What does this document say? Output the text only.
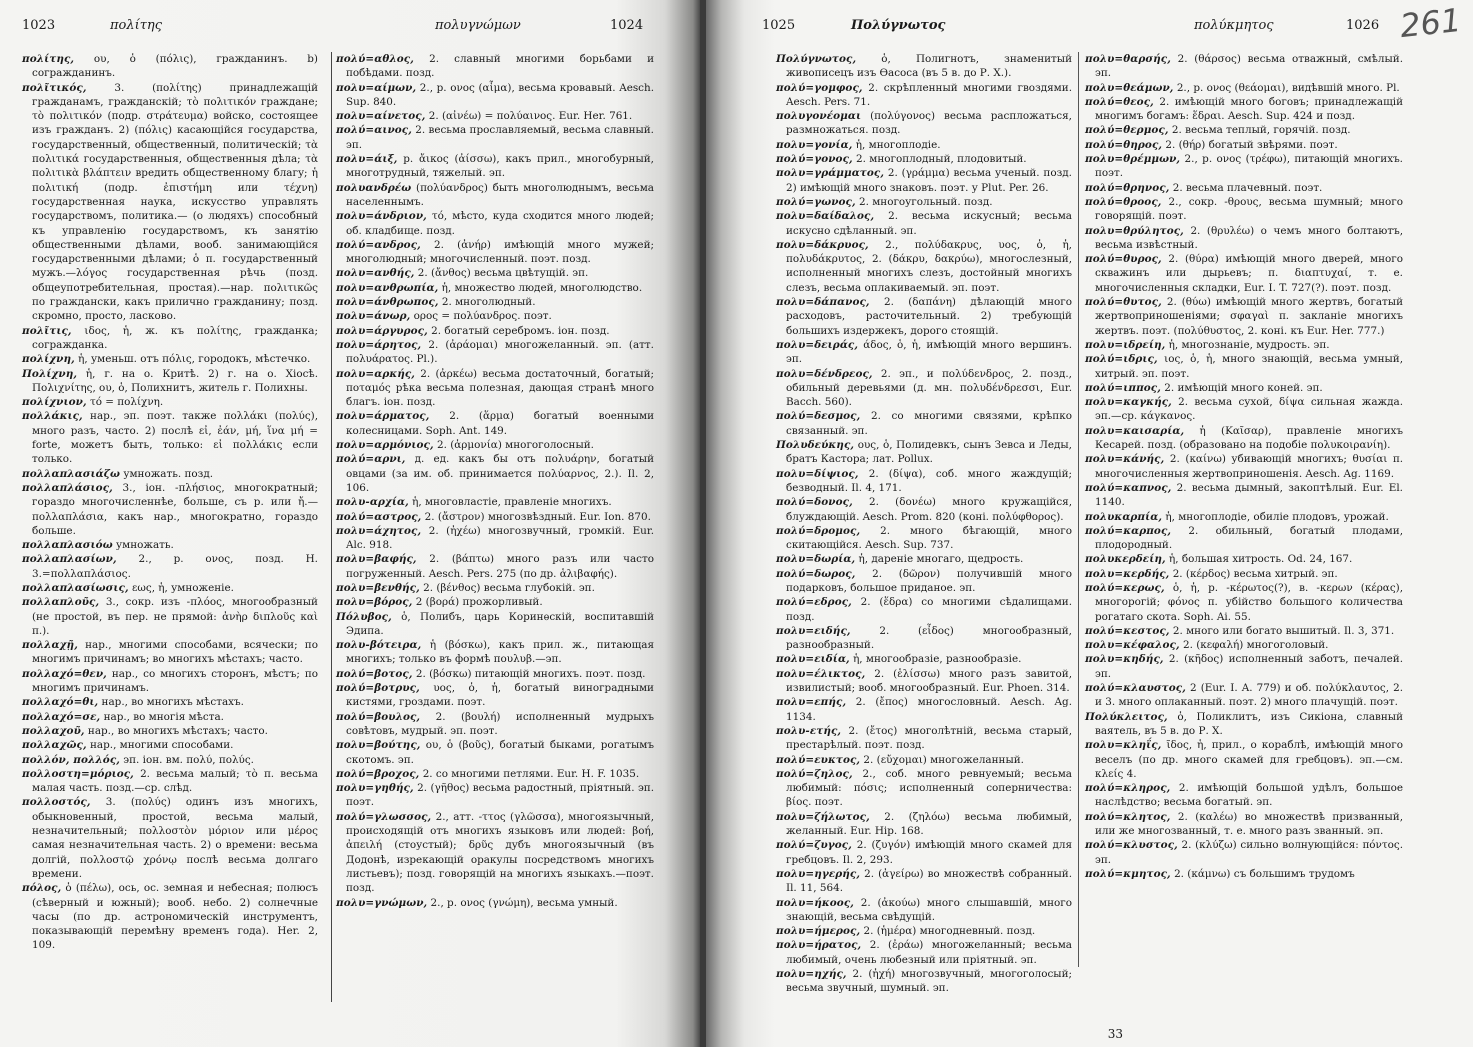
1023	πολίτης	πολυγνώμων	1024

πολίτης, ου, ὁ (πόλις), гражданинъ. b) согражданинъ.

πολῖτικός, 3. (πολίτης) принадлежащій гражданамъ, гражданскій; τὸ πολιτικόν граждане; τὸ πολιτικόν (подр. στράτευμα) войско, состоящее изъ гражданъ. 2) (πόλις) касающійся государства, государственный, общественный, политическій; τὰ πολιτικά государственныя, общественныя дѣла; τὰ πολιτικὰ βλάπτειν вредить общественному благу; ἡ πολιτική (подр. ἐπιστήμη или τέχνη) государственная наука, искусство управлять государствомъ, политика.— (о людяхъ) способный къ управленію государствомъ, къ занятію общественными дѣлами, вооб. занимающійся государственными дѣлами; ὁ π. государственный мужъ.—λόγος государственная рѣчь (позд. общеупотребительная, простая).—нар. πολιτικῶς по граждански, какъ прилично гражданину; позд. скромно, просто, ласково.

πολῖτις, ιδος, ἡ, ж. къ πολίτης, гражданка; согражданка.

πολίχνη, ἡ, уменьш. отъ πόλις, городокъ, мѣстечко.

Πολίχνη, ἡ, г. на о. Критѣ. 2) г. на о. Хіосѣ. Πολιχνίτης, ου, ὁ, Полихнитъ, житель г. Полихны.

πολίχνιον, τό = πολίχνη.

πολλάκις, нар., эп. поэт. также πολλάκι (πολύς), много разъ, часто. 2) послѣ εἰ, ἐάν, μή, ἵνα μή = forte, можетъ быть, только: εἰ πολλάκις если только.

πολλαπλασιάζω умножать. позд.

πολλαπλάσιος, 3., іон. -πλήσιος, многократный; гораздо многочисленнѣе, больше, съ р. или ἤ.—πολλαπλάσια, какъ нар., многократно, гораздо больше.

πολλαπλασιόω умножать.

πολλαπλασίων, 2., р. ονος, позд. H. 3.=πολλαπλάσιος.

πολλαπλασίωσις, εως, ἡ, умноженіе.

πολλαπλοῦς, 3., сокр. изъ -πλόος, многообразный (не простой, въ пер. не прямой: ἀνὴρ διπλοῦς καὶ π.).

πολλαχῇ, нар., многими способами, всячески; по многимъ причинамъ; во многихъ мѣстахъ; часто.

πολλαχό=θεν, нар., со многихъ сторонъ, мѣстъ; по многимъ причинамъ.

πολλαχό=θι, нар., во многихъ мѣстахъ.

πολλαχό=σε, нар., во многія мѣста.

πολλαχοῦ, нар., во многихъ мѣстахъ; часто.

πολλαχῶς, нар., многими способами.

πολλόν, πολλός, эп. іон. вм. πολύ, πολύς.

πολλοστη=μόριος, 2. весьма малый; τὸ π. весьма малая часть. позд.—ср. слѣд.

πολλοστός, 3. (πολύς) одинъ изъ многихъ, обыкновенный, простой, весьма малый, незначительный; πολλοστὸν μόριον или μέρος самая незначительная часть. 2) о времени: весьма долгій, πολλοστῷ χρόνῳ послѣ весьма долгаго времени.

πόλος, ὁ (πέλω), ось, ос. земная и небесная; полюсъ (сѣверный и южный); вооб. небо. 2) солнечные часы (по др. астрономическій инструментъ, показывающій перемѣну временъ года). Her. 2, 109.

πολύ=αθλος, 2. славный многими борьбами и побѣдами. позд.

πολυ=αίμων, 2., р. ονος (αἷμα), весьма кровавый. Aesch. Sup. 840.

πολυ=αίνετος, 2. (αἰνέω) = πολύαινος. Eur. Her. 761.

πολύ=αινος, 2. весьма прославляемый, весьма славный. эп.

πολυ=άιξ, р. ἄικος (ἀίσσω), какъ прил., многобурный, многотрудный, тяжелый. эп.

πολυανδρέω (πολύανδρος) быть многолюднымъ, весьма населеннымъ.

πολυ=άνδριον, τό, мѣсто, куда сходится много людей; об. кладбище. позд.

πολύ=ανδρος, 2. (ἀνήρ) имѣющій много мужей; многолюдный; многочисленный. поэт. позд.

πολυ=ανθής, 2. (ἄνθος) весьма цвѣтущій. эп.

πολυ=ανθρωπία, ἡ, множество людей, многолюдство.

πολυ=άνθρωπος, 2. многолюдный.

πολυ=άνωρ, ορος = πολύανδρος. поэт.

πολυ=άργυρος, 2. богатый серебромъ. іон. позд.

πολυ=άρητος, 2. (ἀράομαι) многожеланный. эп. (атт. πολυάρατος. Pl.).

πολυ=αρκής, 2. (ἀρκέω) весьма достаточный, богатый; ποταμός рѣка весьма полезная, дающая странѣ много благъ. іон. позд.

πολυ=άρματος, 2. (ἅρμα) богатый военными колесницами. Soph. Ant. 149.

πολυ=αρμόνιος, 2. (ἁρμονία) многоголосный.

πολύ=αρνι, д. ед. какъ бы отъ πολυάρην, богатый овцами (за им. об. принимается πολύαρνος, 2.). Il. 2, 106.

πολυ-αρχία, ἡ, многовластіе, правленіе многихъ.

πολύ=αστρος, 2. (ἄστρον) многозвѣздный. Eur. Ion. 870.

πολυ=άχητος, 2. (ἠχέω) многозвучный, громкій. Eur. Alc. 918.

πολυ=βαφής, 2. (βάπτω) много разъ или часто погруженный. Aesch. Pers. 275 (по др. ἁλιβαφής).

πολυ=βενθής, 2. (βένθος) весьма глубокій. эп.

πολυ=βόρος, 2 (βορά) прожорливый.

Πόλυβος, ὁ, Полибъ, царь Коринѳскій, воспитавшій Эдипа.

πολυ-βότειρα, ἡ (βόσκω), какъ прил. ж., питающая многихъ; только въ формѣ πουλυβ.—эп.

πολύ=βοτος, 2. (βόσκω) питающій многихъ. поэт. позд.

πολύ=βοτρυς, υος, ὁ, ἡ, богатый виноградными кистями, гроздами. поэт.

πολύ=βουλος, 2. (βουλή) исполненный мудрыхъ совѣтовъ, мудрый. эп. поэт.

πολυ=βούτης, ου, ὁ (βοῦς), богатый быками, рогатымъ скотомъ. эп.

πολύ=βροχος, 2. со многими петлями. Eur. H. F. 1035.

πολυ=γηθής, 2. (γῆθος) весьма радостный, пріятный. эп. поэт.

πολύ=γλωσσος, 2., атт. -ττος (γλῶσσα), многоязычный, происходящій отъ многихъ языковъ или людей: βοή, ἀπειλή (стоустый); δρῦς дубъ многоязычный (въ Додонѣ, изрекающій оракулы посредствомъ многихъ листьевъ); позд. говорящій на многихъ языкахъ.—поэт. позд.

πολυ=γνώμων, 2., р. ονος (γνώμη), весьма умный.

1025	Πολύγνωτος	πολύκμητος	1026 261

Πολύγνωτος, ὁ, Полигнотъ, знаменитый живописецъ изъ Ѳасоса (въ 5 в. до Р. Х.).

πολύ=γομφος, 2. скрѣпленный многими гвоздями. Aesch. Pers. 71.

πολυγονέομαι (πολύγονος) весьма распложаться, размножаться. позд.

πολυ=γονία, ἡ, многоплодіе.

πολύ=γονος, 2. многоплодный, плодовитый.

πολυ=γράμματος, 2. (γράμμα) весьма ученый. позд. 2) имѣющій много знаковъ. поэт. у Plut. Per. 26.

πολύ=γωνος, 2. многоугольный. позд.

πολυ=δαίδαλος, 2. весьма искусный; весьма искусно сдѣланный. эп.

πολυ=δάκρυος, 2., πολύδακρυς, υος, ὁ, ἡ, πολυδάκρυτος, 2. (δάκρυ, δακρύω), многослезный, исполненный многихъ слезъ, достойный многихъ слезъ, весьма оплакиваемый. эп. поэт.

πολυ=δάπανος, 2. (δαπάνη) дѣлающій много расходовъ, расточительный. 2) требующій большихъ издержекъ, дорого стоящій.

πολυ=δειράς, άδος, ὁ, ἡ, имѣющій много вершинъ. эп.

πολυ=δένδρεος, 2. эп., и πολύδενδρος, 2. позд., обильный деревьями (д. мн. πολυδένδρεσσι, Eur. Bacch. 560).

πολύ=δεσμος, 2. со многими связями, крѣпко связанный. эп.

Πολυδεύκης, ους, ὁ, Полидевкъ, сынъ Зевса и Леды, братъ Кастора; лат. Pollux.

πολυ=δίψιος, 2. (δίψα), соб. много жаждущій; безводный. Il. 4, 171.

πολύ=δονος, 2. (δονέω) много кружащійся, блуждающій. Aesch. Prom. 820 (коні. πολύφθορος).

πολύ=δρομος, 2. много бѣгающій, много скитающійся. Aesch. Sup. 737.

πολυ=δωρία, ἡ, дареніе многаго, щедрость.

πολύ=δωρος, 2. (δῶρον) получившій много подарковъ, большое приданое. эп.

πολύ=εδρος, 2. (ἕδρα) со многими сѣдалищами. позд.

πολυ=ειδής, 2. (εἶδος) многообразный, разнообразный.

πολυ=ειδία, ἡ, многообразіе, разнообразіе.

πολυ=έλικτος, 2. (ἑλίσσω) много разъ завитой, извилистый; вооб. многообразный. Eur. Phoen. 314.

πολυ=επής, 2. (ἔπος) многословный. Aesch. Ag. 1134.

πολυ-ετής, 2. (ἔτος) многолѣтній, весьма старый, престарѣлый. поэт. позд.

πολύ=ευκτος, 2. (εὔχομαι) многожеланный.

πολύ=ζηλος, 2., соб. много ревнуемый; весьма любимый: πόσις; исполненный соперничества: βίος. поэт.

πολυ=ζήλωτος, 2. (ζηλόω) весьма любимый, желанный. Eur. Hip. 168.

πολύ=ζυγος, 2. (ζυγόν) имѣющій много скамей для гребцовъ. Il. 2, 293.

πολυ=ηγερής, 2. (ἀγείρω) во множествѣ собранный. Il. 11, 564.

πολυ=ήκοος, 2. (ἀκούω) много слышавшій, много знающій, весьма свѣдущій.

πολυ=ήμερος, 2. (ἡμέρα) многодневный. позд.

πολυ=ήρατος, 2. (ἐράω) многожеланный; весьма любимый, очень любезный или пріятный. эп.

πολυ=ηχής, 2. (ἠχή) многозвучный, многоголосый; весьма звучный, шумный. эп.

πολυ=θαρσής, 2. (θάρσος) весьма отважный, смѣлый. эп.

πολυ=θεάμων, 2., р. ονος (θεάομαι), видѣвшій много. Pl.

πολύ=θεος, 2. имѣющій много боговъ; принадлежащій многимъ богамъ: ἕδραι. Aesch. Sup. 424 и позд.

πολύ=θερμος, 2. весьма теплый, горячій. позд.

πολύ=θηρος, 2. (θήρ) богатый звѣрями. поэт.

πολυ=θρέμμων, 2., р. ονος (τρέφω), питающій многихъ. поэт.

πολύ=θρηνος, 2. весьма плачевный. поэт.

πολύ=θροος, 2., сокр. -θρους, весьма шумный; много говорящій. поэт.

πολυ=θρύλητος, 2. (θρυλέω) о чемъ много болтаютъ, весьма извѣстный.

πολύ=θυρος, 2. (θύρα) имѣющій много дверей, много скважинъ или дырьевъ; π. διαπτυχαί, т. е. многочисленныя складки, Eur. I. T. 727(?). поэт. позд.

πολύ=θυτος, 2. (θύω) имѣющій много жертвъ, богатый жертвоприношеніями; σφαγαὶ π. закланіе многихъ жертвъ. поэт. (πολύθυστος, 2. коні. къ Eur. Her. 777.)

πολυ=ιδρείη, ἡ, многознаніе, мудрость. эп.

πολύ=ιδρις, ιος, ὁ, ἡ, много знающій, весьма умный, хитрый. эп. поэт.

πολύ=ιππος, 2. имѣющій много коней. эп.

πολυ=καγκής, 2. весьма сухой, δίψα сильная жажда. эп.—ср. κάγκανος.

πολυ=καισαρία, ἡ (Καῖσαρ), правленіе многихъ Кесарей. позд. (образовано на подобіе πολυκοιρανίη).

πολυ=κάνής, 2. (καίνω) убивающій многихъ; θυσίαι π. многочисленныя жертвоприношенія. Aesch. Ag. 1169.

πολύ=καπνος, 2. весьма дымный, закоптѣлый. Eur. El. 1140.

πολυκαρπία, ἡ, многоплодіе, обиліе плодовъ, урожай.

πολύ=καρπος, 2. обильный, богатый плодами, плодородный.

πολυκερδείη, ἡ, большая хитрость. Od. 24, 167.

πολυ=κερδής, 2. (κέρδος) весьма хитрый. эп.

πολύ=κερως, ὁ, ἡ, р. -κέρωτος(?), в. -κερων (κέρας), многорогій; φόνος π. убійство большого количества рогатаго скота. Soph. Ai. 55.

πολύ=κεστος, 2. много или богато вышитый. Il. 3, 371.

πολυ=κέφαλος, 2. (κεφαλή) многоголовый.

πολυ=κηδής, 2. (κῆδος) исполненный заботъ, печалей. эп.

πολύ=κλαυστος, 2 (Eur. I. A. 779) и об. πολύκλαυτος, 2. и 3. много оплаканный. поэт. 2) много плачущій. поэт.

Πολύκλειτος, ὁ, Поликлитъ, изъ Сикіона, славный ваятель, въ 5 в. до Р. Х.

πολυ=κληΐς, ῖδος, ἡ, прил., о кораблѣ, имѣющій много веселъ (по др. много скамей для гребцовъ). эп.—см. κλείς 4.

πολύ=κληρος, 2. имѣющій большой удѣлъ, большое наслѣдство; весьма богатый. эп.

πολύ=κλητος, 2. (καλέω) во множествѣ призванный, или же многозванный, т. е. много разъ званный. эп.

πολύ=κλυστος, 2. (κλύζω) сильно волнующійся: πόντος. эп.

πολύ=κμητος, 2. (κάμνω) съ большимъ трудомъ

33
